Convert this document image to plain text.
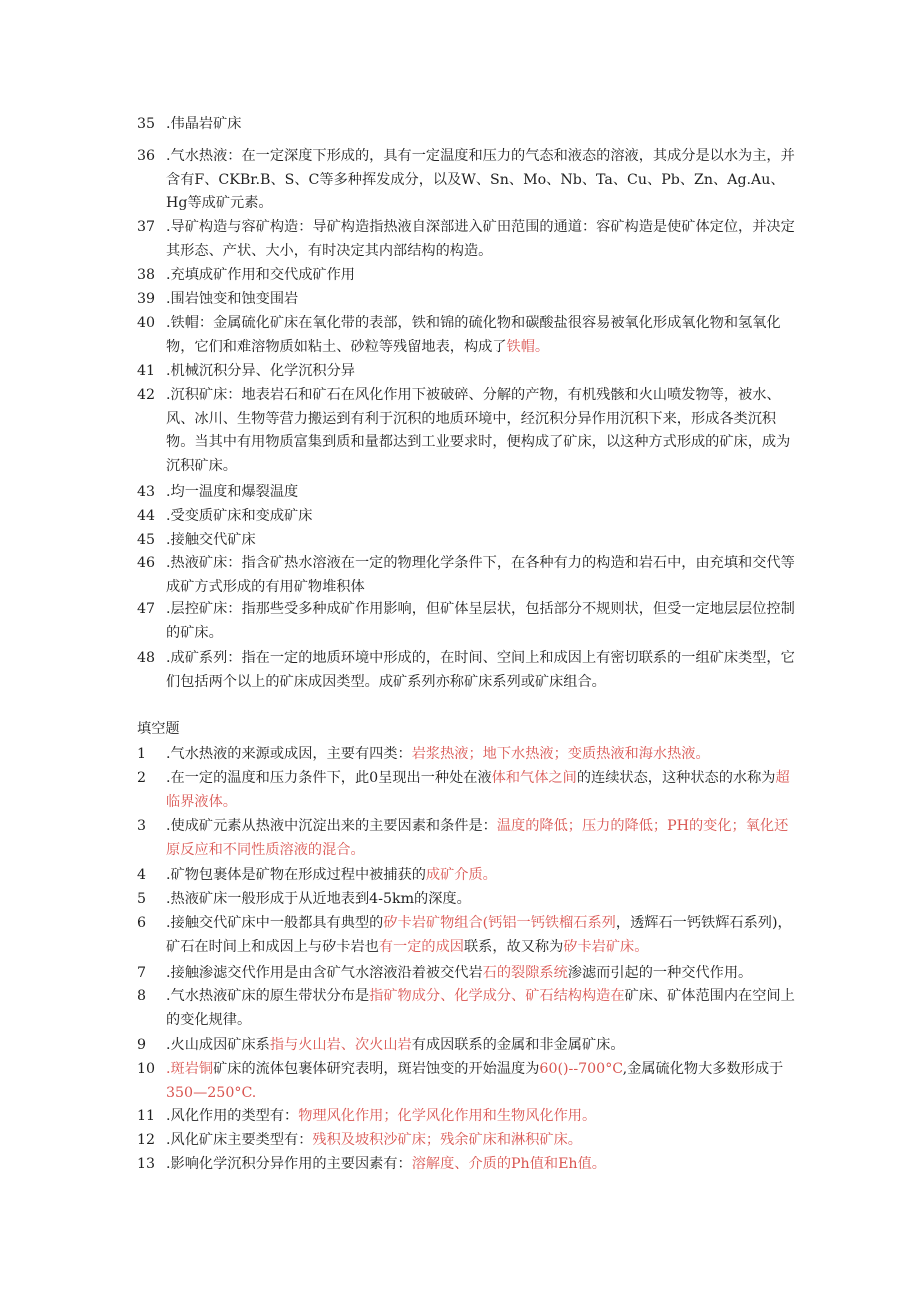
35 .伟晶岩矿床
36 .气水热液：在一定深度下形成的，具有一定温度和压力的气态和液态的溶液，其成分是以水为主，并含有F、CKBr.B、S、C等多种挥发成分，以及W、Sn、Mo、Nb、Ta、Cu、Pb、Zn、Ag.Au、Hg等成矿元素。
37 .导矿构造与容矿构造：导矿构造指热液自深部进入矿田范围的通道：容矿构造是使矿体定位，并决定其形态、产状、大小，有时决定其内部结构的构造。
38 .充填成矿作用和交代成矿作用
39 .围岩蚀变和蚀变围岩
40 .铁帽：金属硫化矿床在氧化带的表部，铁和锦的硫化物和碳酸盐很容易被氧化形成氧化物和氢氧化物，它们和难溶物质如粘土、砂粒等残留地表，构成了铁帽。
41 .机械沉积分异、化学沉积分异
42 .沉积矿床：地表岩石和矿石在风化作用下被破碎、分解的产物，有机残骸和火山喷发物等，被水、风、冰川、生物等营力搬运到有利于沉积的地质环境中，经沉积分异作用沉积下来，形成各类沉积物。当其中有用物质富集到质和量都达到工业要求时，便构成了矿床，以这种方式形成的矿床，成为沉积矿床。
43 .均一温度和爆裂温度
44 .受变质矿床和变成矿床
45 .接触交代矿床
46 .热液矿床：指含矿热水溶液在一定的物理化学条件下，在各种有力的构造和岩石中，由充填和交代等成矿方式形成的有用矿物堆积体
47 .层控矿床：指那些受多种成矿作用影响，但矿体呈层状，包括部分不规则状，但受一定地层层位控制的矿床。
48 .成矿系列：指在一定的地质环境中形成的，在时间、空间上和成因上有密切联系的一组矿床类型，它们包括两个以上的矿床成因类型。成矿系列亦称矿床系列或矿床组合。
填空题
1	.气水热液的来源或成因，主要有四类：岩浆热液；地下水热液；变质热液和海水热液。
2	.在一定的温度和压力条件下，此0呈现出一种处在液体和气体之间的连续状态，这种状态的水称为超临界液体。
3	.使成矿元素从热液中沉淀出来的主要因素和条件是：温度的降低；压力的降低；PH的变化；氧化还原反应和不同性质溶液的混合。
4	.矿物包裹体是矿物在形成过程中被捕获的成矿介质。
5	.热液矿床一般形成于从近地表到4-5km的深度。
6	.接触交代矿床中一般都具有典型的矽卡岩矿物组合(钙铝一钙铁榴石系列，透辉石一钙铁辉石系列)，矿石在时间上和成因上与矽卡岩也有一定的成因联系，故又称为矽卡岩矿床。
7	.接触渗滤交代作用是由含矿气水溶液沿着被交代岩石的裂隙系统渗滤而引起的一种交代作用。
8	.气水热液矿床的原生带状分布是指矿物成分、化学成分、矿石结构构造在矿床、矿体范围内在空间上的变化规律。
9	.火山成因矿床系指与火山岩、次火山岩有成因联系的金属和非金属矿床。
10 .斑岩铜矿床的流体包裹体研究表明，斑岩蚀变的开始温度为60()--700°C,金属硫化物大多数形成于350—250°C.
11 .风化作用的类型有：物理风化作用；化学风化作用和生物风化作用。
12 .风化矿床主要类型有：残积及坡积沙矿床；残余矿床和淋积矿床。
13 .影响化学沉积分异作用的主要因素有：溶解度、介质的Ph值和Eh值。
